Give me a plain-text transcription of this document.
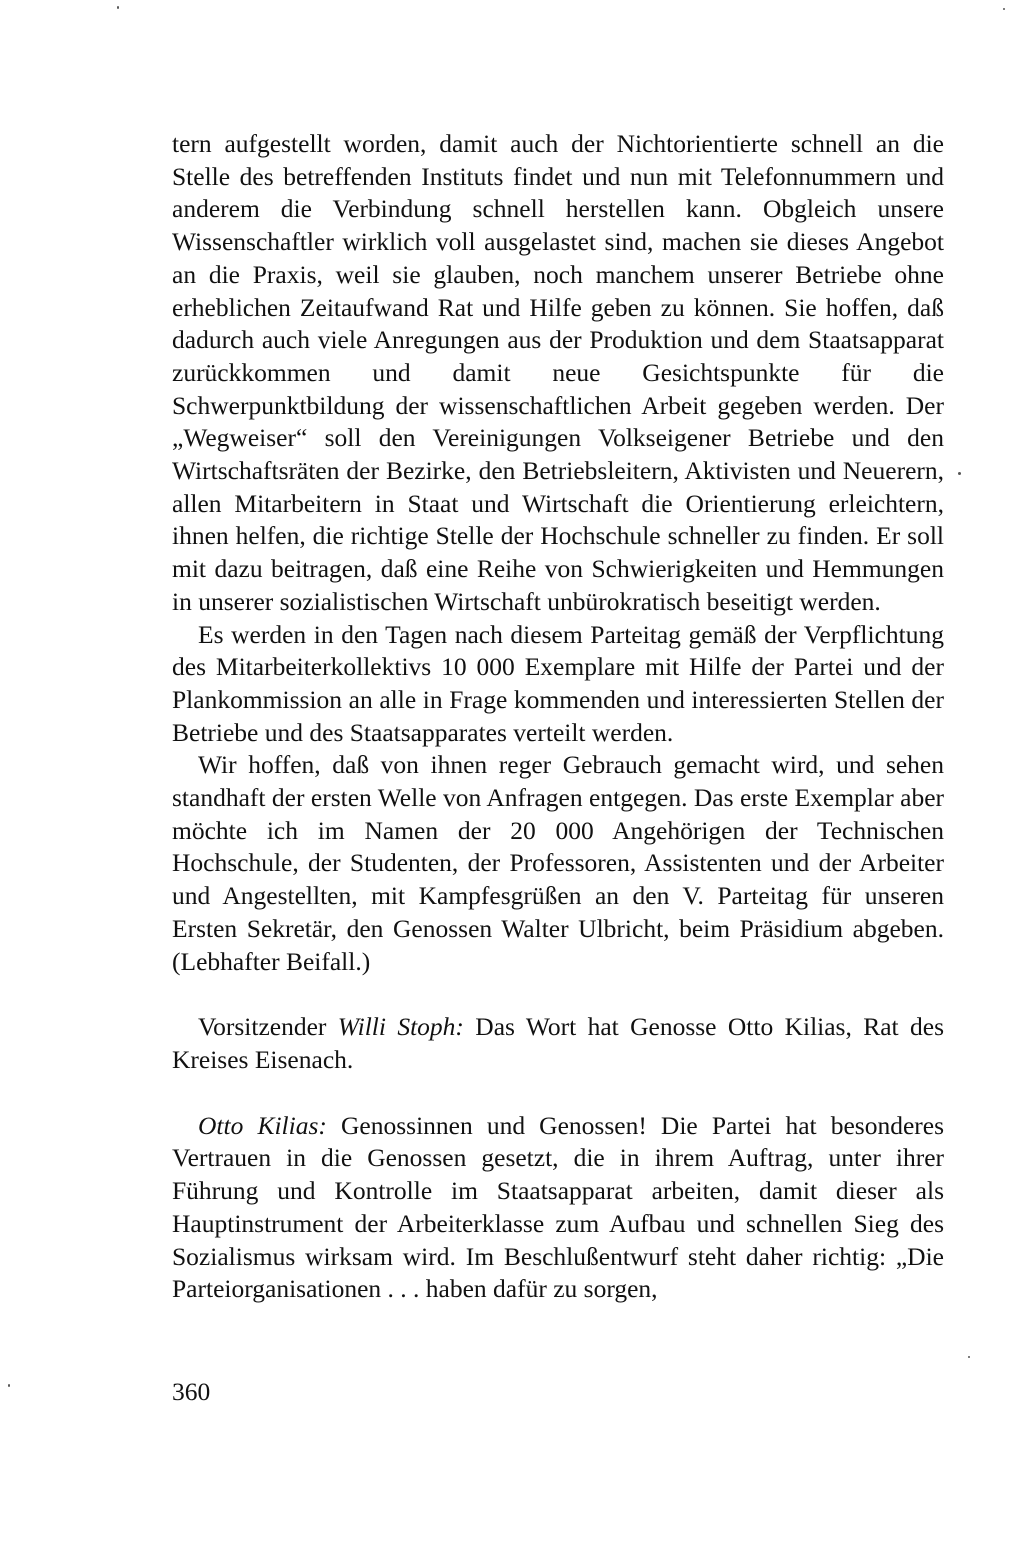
tern aufgestellt worden, damit auch der Nichtorientierte schnell an die Stelle des betreffenden Instituts findet und nun mit Telefonnummern und anderem die Verbindung schnell herstellen kann. Obgleich unsere Wissenschaftler wirklich voll ausgelastet sind, machen sie dieses Angebot an die Praxis, weil sie glauben, noch manchem unserer Betriebe ohne erheblichen Zeitaufwand Rat und Hilfe geben zu können. Sie hoffen, daß dadurch auch viele Anregungen aus der Produktion und dem Staatsapparat zurückkommen und damit neue Gesichtspunkte für die Schwerpunktbildung der wissenschaftlichen Arbeit gegeben werden. Der „Wegweiser“ soll den Vereinigungen Volkseigener Betriebe und den Wirtschaftsräten der Bezirke, den Betriebsleitern, Aktivisten und Neuerern, allen Mitarbeitern in Staat und Wirtschaft die Orientierung erleichtern, ihnen helfen, die richtige Stelle der Hochschule schneller zu finden. Er soll mit dazu beitragen, daß eine Reihe von Schwierigkeiten und Hemmungen in unserer sozialistischen Wirtschaft unbürokratisch beseitigt werden.

Es werden in den Tagen nach diesem Parteitag gemäß der Verpflichtung des Mitarbeiterkollektivs 10 000 Exemplare mit Hilfe der Partei und der Plankommission an alle in Frage kommenden und interessierten Stellen der Betriebe und des Staatsapparates verteilt werden.

Wir hoffen, daß von ihnen reger Gebrauch gemacht wird, und sehen standhaft der ersten Welle von Anfragen entgegen. Das erste Exemplar aber möchte ich im Namen der 20 000 Angehörigen der Technischen Hochschule, der Studenten, der Professoren, Assistenten und der Arbeiter und Angestellten, mit Kampfesgrüßen an den V. Parteitag für unseren Ersten Sekretär, den Genossen Walter Ulbricht, beim Präsidium abgeben. (Lebhafter Beifall.)

Vorsitzender Willi Stoph: Das Wort hat Genosse Otto Kilias, Rat des Kreises Eisenach.

Otto Kilias: Genossinnen und Genossen! Die Partei hat besonderes Vertrauen in die Genossen gesetzt, die in ihrem Auftrag, unter ihrer Führung und Kontrolle im Staatsapparat arbeiten, damit dieser als Hauptinstrument der Arbeiterklasse zum Aufbau und schnellen Sieg des Sozialismus wirksam wird. Im Beschlußentwurf steht daher richtig: „Die Parteiorganisationen . . . haben dafür zu sorgen,

360
